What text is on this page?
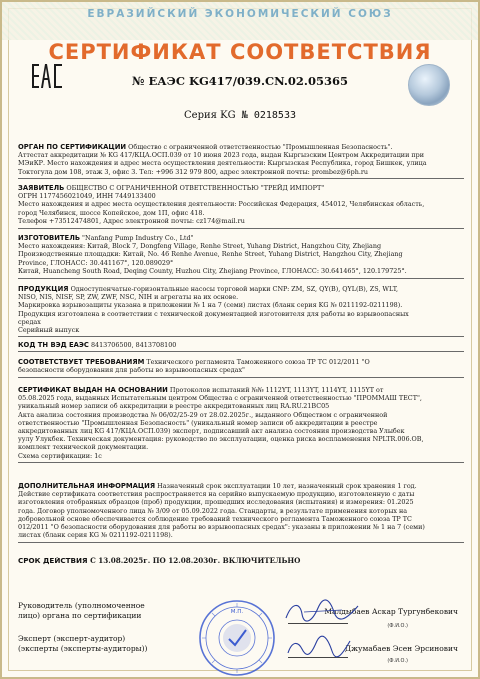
ЕВРАЗИЙСКИЙ ЭКОНОМИЧЕСКИЙ СОЮЗ
СЕРТИФИКАТ СООТВЕТСТВИЯ
№ ЕАЭС KG417/039.CN.02.05365
Серия KG № 0218533
ОРГАН ПО СЕРТИФИКАЦИИ Общество с ограниченной ответственностью "Промышленная Безопасность".
Аттестат аккредитации № KG 417/КЦА.ОСП.039 от 10 июня 2023 года, выдан Кыргызским Центром Аккредитации при
МЭиКР. Место нахождения и адрес места осуществления деятельности: Кыргызская Республика, город Бишкек, улица
Токтогула дом 108, этаж 3, офис 3. Тел: +996 312 979 800, адрес электронной почты: prombez@6ph.ru
ЗАЯВИТЕЛЬ ОБЩЕСТВО С ОГРАНИЧЕННОЙ ОТВЕТСТВЕННОСТЬЮ "ТРЕЙД ИМПОРТ"
ОГРН 1177456021049, ИНН 7449133400
Место нахождения и адрес места осуществления деятельности: Российская Федерация, 454012, Челябинская область,
город Челябинск, шоссе Копейское, дом 1П, офис 418.
Телефон +73512474801, Адрес электронной почты: cz174@mail.ru
ИЗГОТОВИТЕЛЬ "Nanfang Pump Industry Co., Ltd"
Место нахождения: Китай, Block 7, Dongfeng Village, Renhe Street, Yuhang District, Hangzhou City, Zhejiang
Производственные площадки: Китай, No. 46 Renhe Avenue, Renhe Street, Yuhang District, Hangzhou City, Zhejiang
Province, ГЛОНАСС: 30.441167°, 120.089029°
Китай, Huancheng South Road, Deqing County, Huzhou City, Zhejiang Province, ГЛОНАСС: 30.641465°, 120.179725°.
ПРОДУКЦИЯ Одноступенчатые-горизонтальные насосы торговой марки CNP: ZM, SZ, QY(B), QYL(B), ZS, WLT,
NISO, NIS, NISF, SP, ZW, ZWF, NSC, NIH и агрегаты на их основе.
Маркировка взрывозащиты указана в приложении № 1 на 7 (семи) листах (бланк серия KG № 0211192-0211198).
Продукция изготовлена в соответствии с технической документацией изготовителя для работы во взрывоопасных
средах
Серийный выпуск
КОД ТН ВЭД ЕАЭС 8413706500, 8413708100
СООТВЕТСТВУЕТ ТРЕБОВАНИЯМ Технического регламента Таможенного союза ТР ТС 012/2011 "О
безопасности оборудования для работы во взрывоопасных средах"
СЕРТИФИКАТ ВЫДАН НА ОСНОВАНИИ Протоколов испытаний №№ 1112YT, 1113YT, 1114YT, 1115YT от
05.08.2025 года, выданных Испытательным центром Общества с ограниченной ответственностью "ПРОММАШ ТЕСТ",
уникальный номер записи об аккредитации в реестре аккредитованных лиц RA.RU.21BC05
Акта анализа состояния производства № 06/02/25-29 от 28.02.2025г., выданного Обществом с ограниченной
ответственностью "Промышленная Безопасность" (уникальный номер записи об аккредитации в реестре
аккредитованных лиц KG 417/КЦА.ОСП.039) эксперт, подписавший акт анализа состояния производства Улыбек
уулу Улукбек. Техническая документация: руководство по эксплуатации, оценка риска воспламенения NPLTR.006.OB,
комплект технической документации.
Схема сертификации: 1с
ДОПОЛНИТЕЛЬНАЯ ИНФОРМАЦИЯ Назначенный срок эксплуатации 10 лет, назначенный срок хранения 1 год.
Действие сертификата соответствия распространяется на серийно выпускаемую продукцию, изготовленную с даты
изготовления отобранных образцов (проб) продукции, прошедших исследования (испытания) и измерения: 01.2025
года. Договор уполномоченного лица № 3/09 от 05.09.2022 года. Стандарты, в результате применения которых на
добровольной основе обеспечивается соблюдение требований технического регламента Таможенного союза ТР ТС
012/2011 "О безопасности оборудования для работы во взрывоопасных средах": указаны в приложении № 1 на 7 (семи)
листах (бланк серия KG № 0211192-0211198).
СРОК ДЕЙСТВИЯ С 13.08.2025г. ПО 12.08.2030г. ВКЛЮЧИТЕЛЬНО
Руководитель (уполномоченное
лицо) органа по сертификации	Малдыбаев Аскар Тургунбекович
(Ф.И.О.)
Эксперт (эксперт-аудитор)
(эксперты (эксперты-аудиторы))	Джумабаев Эсен Эрсинович
(Ф.И.О.)
М.П.
